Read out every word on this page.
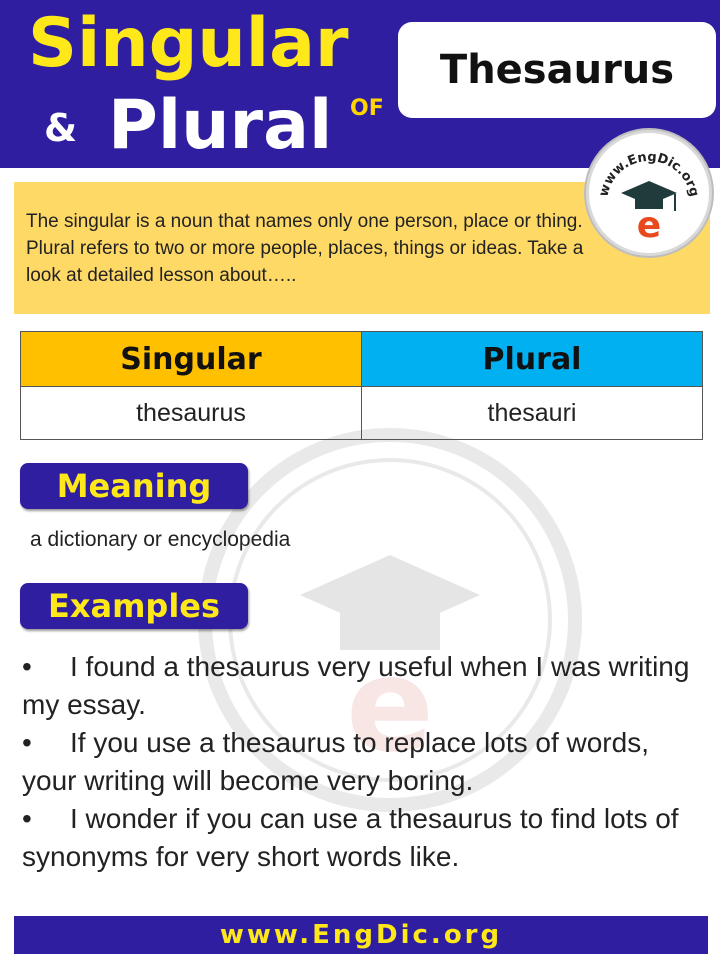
Singular
& Plural OF
Thesaurus
e
The singular is a noun that names only one person, place or thing. Plural refers to two or more people, places, things or ideas. Take a look at detailed lesson about…..
www.EngDic.org
e
Singular	Plural
thesaurus	thesauri
Meaning
a dictionary or encyclopedia
Examples

• I found a thesaurus very useful when I was writing my essay.

• If you use a thesaurus to replace lots of words, your writing will become very boring.

• I wonder if you can use a thesaurus to find lots of synonyms for very short words like.

www.EngDic.org
